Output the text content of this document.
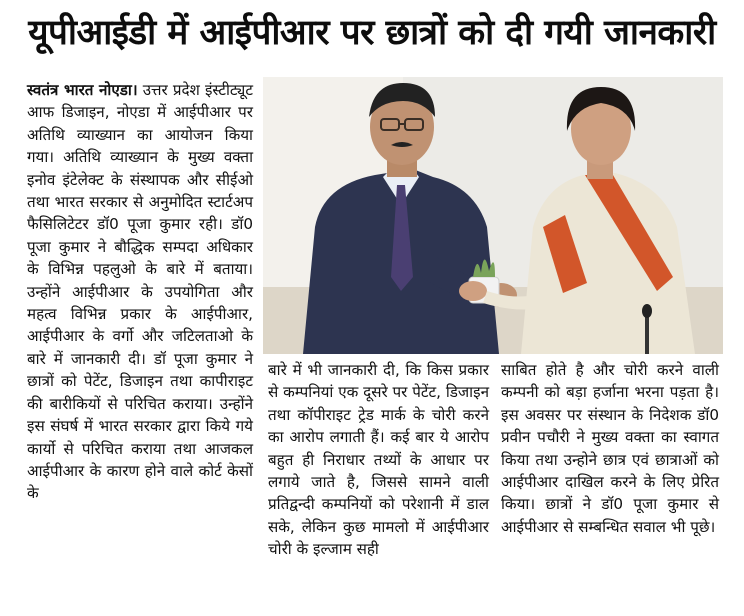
यूपीआईडी में आईपीआर पर छात्रों को दी गयी जानकारी
स्वतंत्र भारत नोएडा। उत्तर प्रदेश इंस्टीट्यूट आफ डिजाइन, नोएडा में आईपीआर पर अतिथि व्याख्यान का आयोजन किया गया। अतिथि व्याख्यान के मुख्य वक्ता इनोव इंटेलेक्ट के संस्थापक और सीईओ तथा भारत सरकार से अनुमोदित स्टार्टअप फैसिलिटेटर डॉ0 पूजा कुमार रही। डॉ0 पूजा कुमार ने बौद्धिक सम्पदा अधिकार के विभिन्न पहलुओ के बारे में बताया। उन्होंने आईपीआर के उपयोगिता और महत्व विभिन्न प्रकार के आईपीआर, आईपीआर के वर्गो और जटिलताओ के बारे में जानकारी दी। डॉ पूजा कुमार ने छात्रों को पेटेंट, डिजाइन तथा कापीराइट की बारीकियों से परिचित कराया। उन्होंने इस संघर्ष में भारत सरकार द्वारा किये गये कार्यो से परिचित कराया तथा आजकल आईपीआर के कारण होने वाले कोर्ट केसों के
बारे में भी जानकारी दी, कि किस प्रकार से कम्पनियां एक दूसरे पर पेटेंट, डिजाइन तथा कॉपीराइट ट्रेड मार्क के चोरी करने का आरोप लगाती हैं। कई बार ये आरोप बहुत ही निराधार तथ्यों के आधार पर लगाये जाते है, जिससे सामने वाली प्रतिद्वन्दी कम्पनियों को परेशानी में डाल सके, लेकिन कुछ मामलो में आईपीआर चोरी के इल्जाम सही
साबित होते है और चोरी करने वाली कम्पनी को बड़ा हर्जाना भरना पड़ता है। इस अवसर पर संस्थान के निदेशक डॉ0 प्रवीन पचौरी ने मुख्य वक्ता का स्वागत किया तथा उन्होने छात्र एवं छात्राओं को आईपीआर दाखिल करने के लिए प्रेरित किया। छात्रों ने डॉ0 पूजा कुमार से आईपीआर से सम्बन्धित सवाल भी पूछे।
